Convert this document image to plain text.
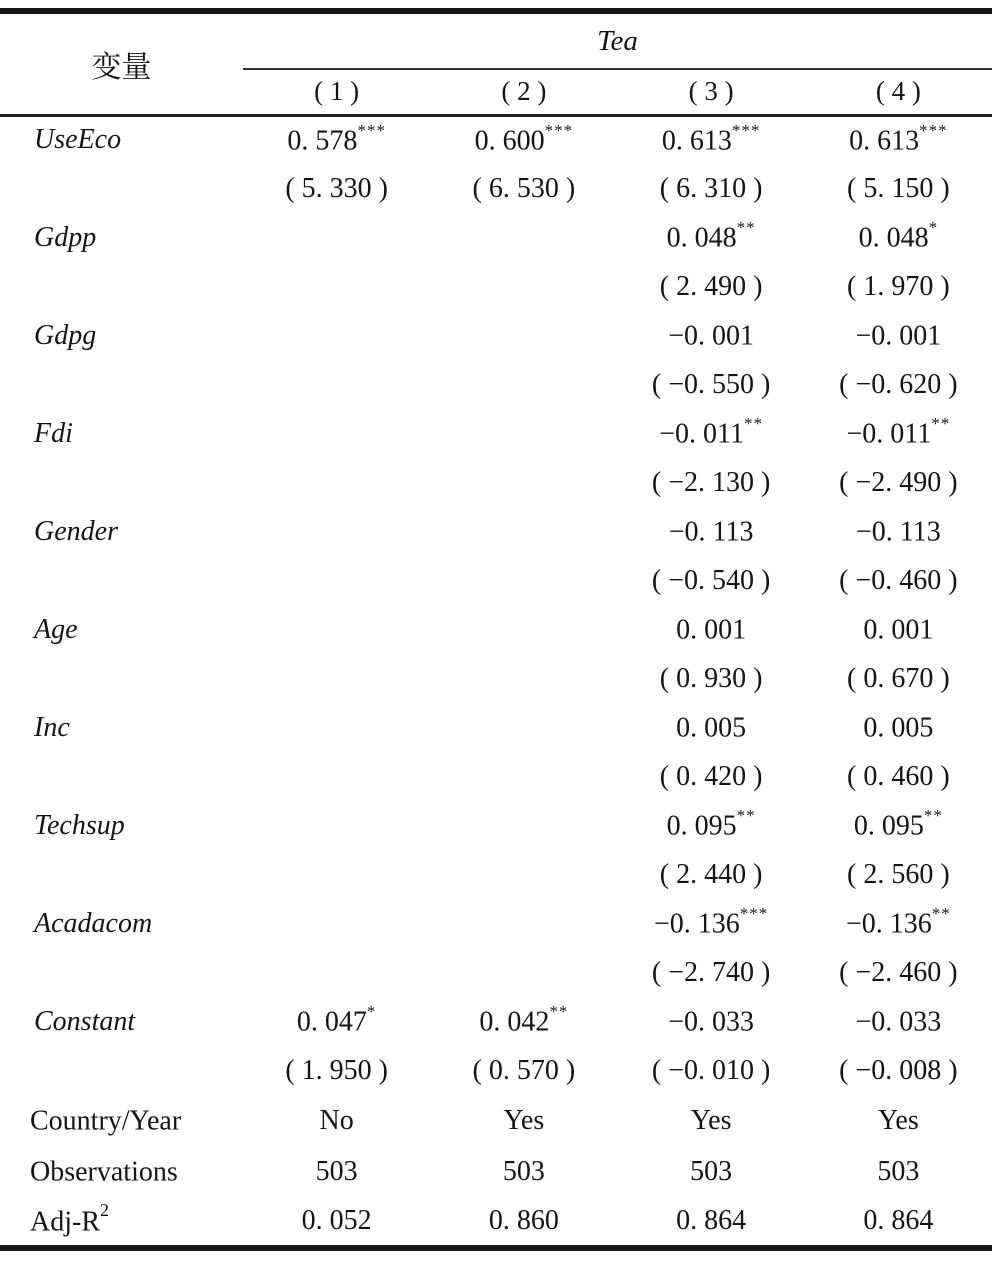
变量	Tea			
	( 1 )	( 2 )	( 3 )	( 4 )
UseEco	0. 578***	0. 600***	0. 613***	0. 613***
	( 5. 330 )	( 6. 530 )	( 6. 310 )	( 5. 150 )
Gdpp			0. 048**	0. 048*
			( 2. 490 )	( 1. 970 )
Gdpg			−0. 001	−0. 001
			( −0. 550 )	( −0. 620 )
Fdi			−0. 011**	−0. 011**
			( −2. 130 )	( −2. 490 )
Gender			−0. 113	−0. 113
			( −0. 540 )	( −0. 460 )
Age			0. 001	0. 001
			( 0. 930 )	( 0. 670 )
Inc			0. 005	0. 005
			( 0. 420 )	( 0. 460 )
Techsup			0. 095**	0. 095**
			( 2. 440 )	( 2. 560 )
Acadacom			−0. 136***	−0. 136**
			( −2. 740 )	( −2. 460 )
Constant	0. 047*	0. 042**	−0. 033	−0. 033
	( 1. 950 )	( 0. 570 )	( −0. 010 )	( −0. 008 )
Country/Year	No	Yes	Yes	Yes
Observations	503	503	503	503
Adj-$R^2$	0. 052	0. 860	0. 864	0. 864
